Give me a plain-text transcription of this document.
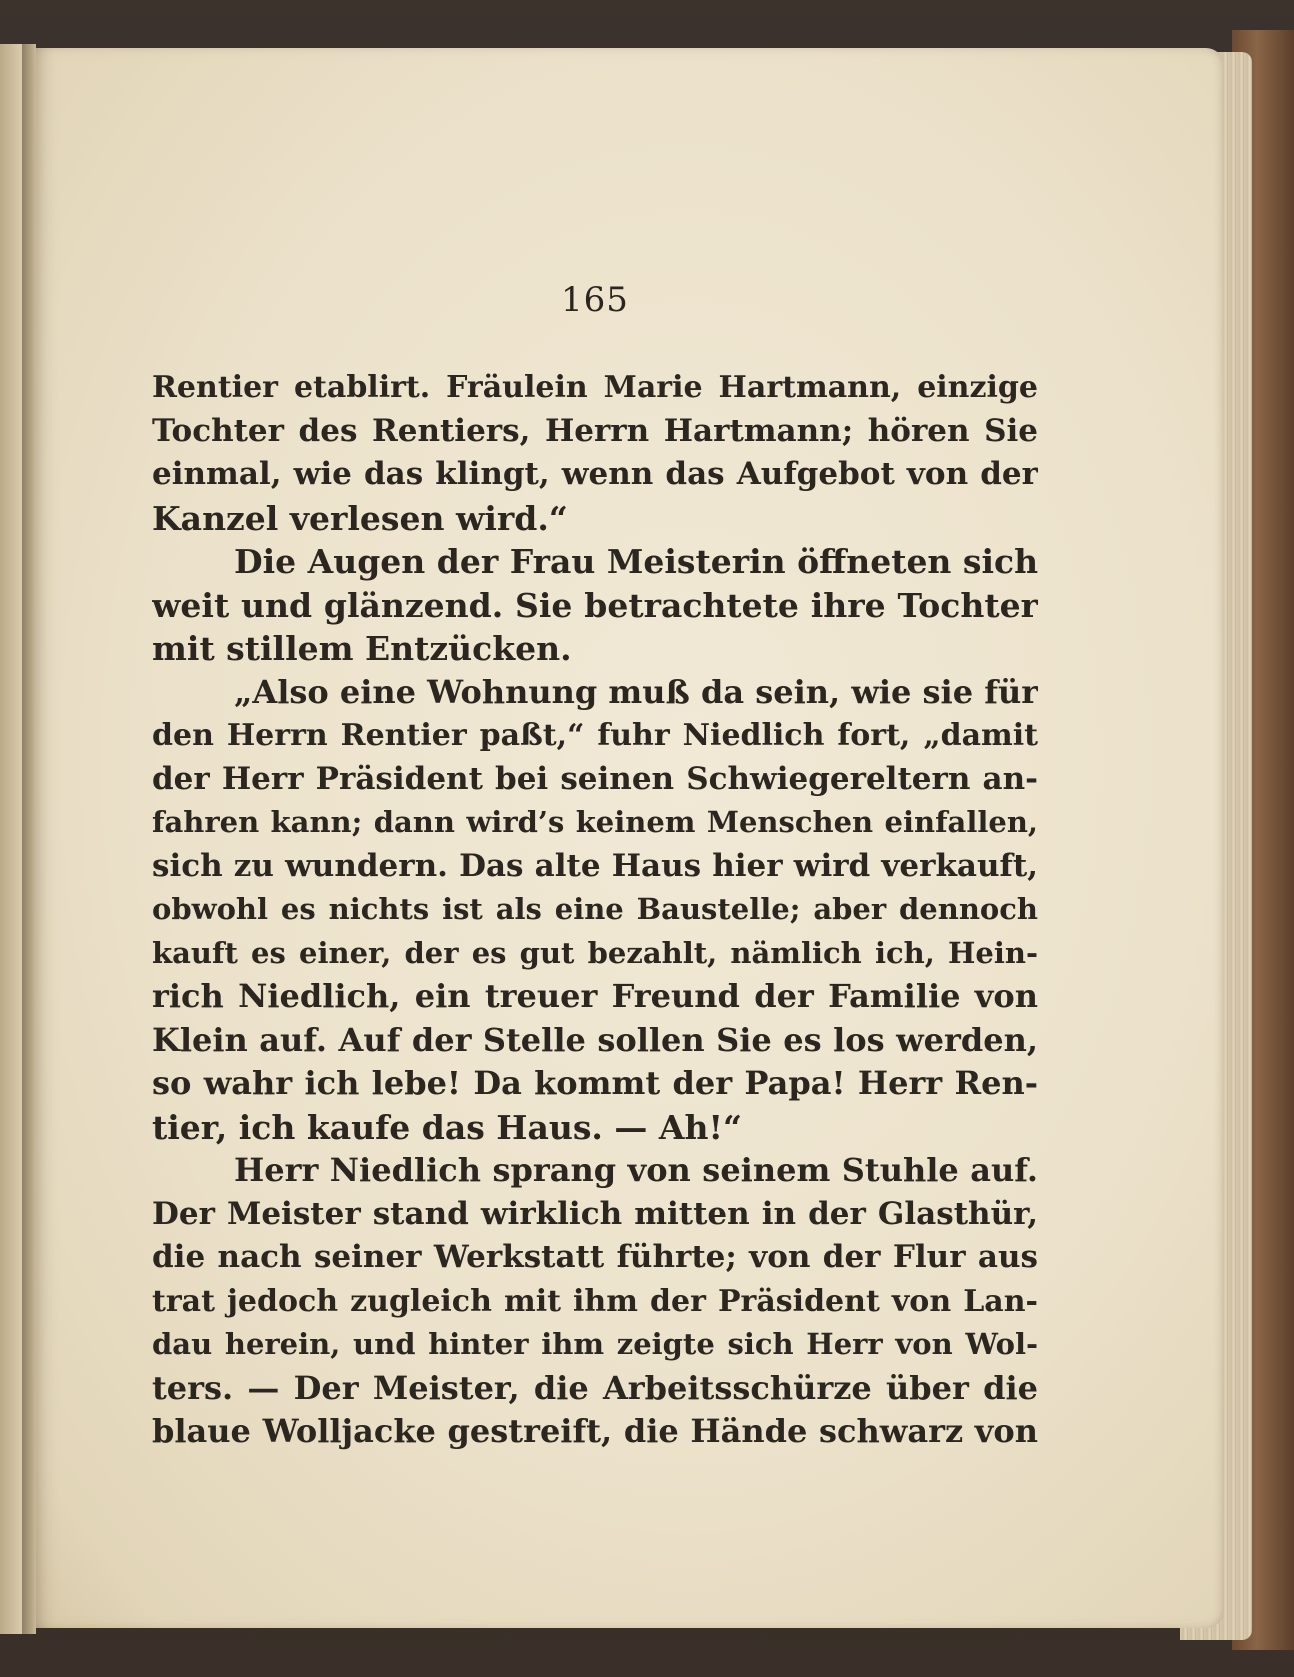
165
Rentier etablirt. Fräulein Marie Hartmann, einzige
Tochter des Rentiers, Herrn Hartmann; hören Sie
einmal, wie das klingt, wenn das Aufgebot von der
Kanzel verlesen wird.“
Die Augen der Frau Meisterin öffneten sich
weit und glänzend. Sie betrachtete ihre Tochter
mit stillem Entzücken.
„Also eine Wohnung muß da sein, wie sie für
den Herrn Rentier paßt,“ fuhr Niedlich fort, „damit
der Herr Präsident bei seinen Schwiegereltern an-
fahren kann; dann wird’s keinem Menschen einfallen,
sich zu wundern. Das alte Haus hier wird verkauft,
obwohl es nichts ist als eine Baustelle; aber dennoch
kauft es einer, der es gut bezahlt, nämlich ich, Hein-
rich Niedlich, ein treuer Freund der Familie von
Klein auf. Auf der Stelle sollen Sie es los werden,
so wahr ich lebe! Da kommt der Papa! Herr Ren-
tier, ich kaufe das Haus. — Ah!“
Herr Niedlich sprang von seinem Stuhle auf.
Der Meister stand wirklich mitten in der Glasthür,
die nach seiner Werkstatt führte; von der Flur aus
trat jedoch zugleich mit ihm der Präsident von Lan-
dau herein, und hinter ihm zeigte sich Herr von Wol-
ters. — Der Meister, die Arbeitsschürze über die
blaue Wolljacke gestreift, die Hände schwarz von
